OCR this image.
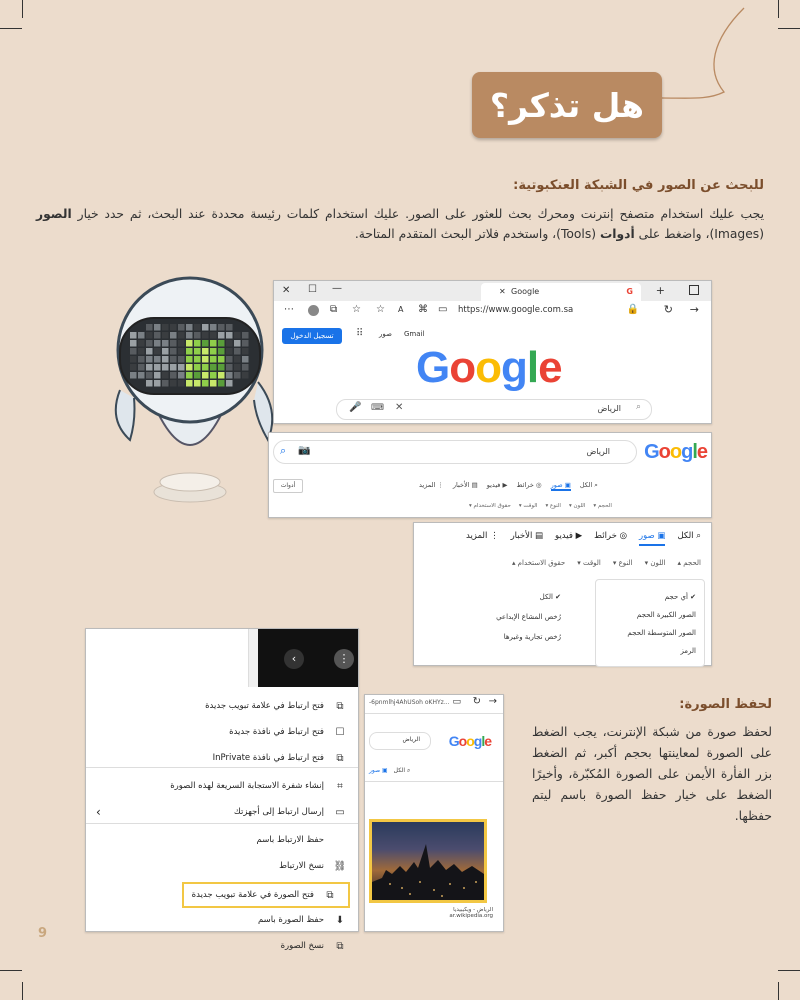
هل تذكر؟
للبحث عن الصور في الشبكة العنكبوتية:
يجب عليك استخدام متصفح إنترنت ومحرك بحث للعثور على الصور. عليك استخدام كلمات رئيسة محددة عند البحث، ثم حدد خيار الصور (Images)، واضغط على أدوات (Tools)، واستخدم فلاتر البحث المتقدم المتاحة.
✕ ☐ —	G
Google
✕	+
⋯	⧉ ☆ ☆ A ⌘ ▭ https://www.google.com.sa	🔒 ↻ →
تسجيل الدخول	⠿ صور Gmail
Google
🎤 ⌨ ✕	الرياض ⌕
Google
⌕ 📷	الرياض
أدوات	⌕ الكل
▣ صور
◎ خرائط
▶ فيديو
▤ الأخبار
⋮ المزيد
الحجم ▾
اللون ▾
النوع ▾
الوقت ▾
حقوق الاستخدام ▾
⌕ الكل
▣ صور
◎ خرائط
▶ فيديو
▤ الأخبار
⋮ المزيد
الحجم ▴
اللون ▾
النوع ▾
الوقت ▾
حقوق الاستخدام ▴
✔ أي حجم
الصور الكبيرة الحجم
الصور المتوسطة الحجم
الرمز
✔ الكل
رُخص المشاع الإبداعي
رُخص تجارية وغيرها
‹	⋮
⧉
فتح ارتباط في علامة تبويب جديدة
☐
فتح ارتباط في نافذة جديدة
⧉
فتح ارتباط في نافذة InPrivate
⌗
إنشاء شفرة الاستجابة السريعة لهذه الصورة
▭
إرسال ارتباط إلى أجهزتك
›
حفظ الارتباط باسم
⛓
نسخ الارتباط
⧉
فتح الصورة في علامة تبويب جديدة
⬇
حفظ الصورة باسم
⧉
نسخ الصورة
-6pnmlhj4AhUSoh oKHYz... ▭ ↻ →
Google
الرياض
⌕ الكل
▣ صور
الرياض - ويكيبيديا
ar.wikipedia.org
لحفظ الصورة:
لحفظ صورة من شبكة الإنترنت، يجب الضغط على الصورة لمعاينتها بحجم أكبر، ثم الضغط بزر الفأرة الأيمن على الصورة المُكبّرة، وأخيرًا الضغط على خيار حفظ الصورة باسم ليتم حفظها.
9
